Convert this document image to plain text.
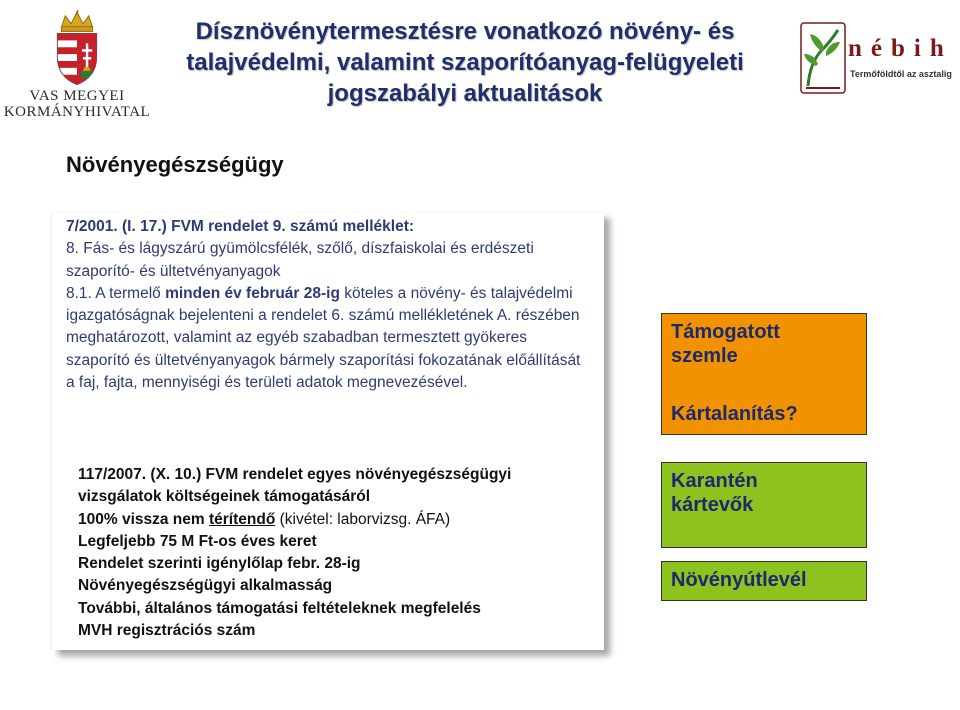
VAS MEGYEI
KORMÁNYHIVATAL
Dísznövénytermesztésre vonatkozó növény- és
talajvédelmi, valamint szaporítóanyag-felügyeleti
jogszabályi aktualitások
nébih
Termőföldtől az asztalig
Növényegészségügy
7/2001. (I. 17.) FVM rendelet 9. számú melléklet:
8. Fás- és lágyszárú gyümölcsfélék, szőlő, díszfaiskolai és erdészeti szaporító- és ültetvényanyagok
8.1. A termelő minden év február 28-ig köteles a növény- és talajvédelmi igazgatóságnak bejelenteni a rendelet 6. számú mellékletének A. részében meghatározott, valamint az egyéb szabadban termesztett gyökeres szaporító és ültetvényanyagok bármely szaporítási fokozatának előállítását a faj, fajta, mennyiségi és területi adatok megnevezésével.
117/2007. (X. 10.) FVM rendelet egyes növényegészségügyi vizsgálatok költségeinek támogatásáról
100% vissza nem térítendő (kivétel: laborvizsg. ÁFA)
Legfeljebb 75 M Ft-os éves keret
Rendelet szerinti igénylőlap febr. 28-ig
Növényegészségügyi alkalmasság
További, általános támogatási feltételeknek megfelelés
MVH regisztrációs szám
Támogatott
szemle
Kártalanítás?
Karantén
kártevők
Növényútlevél
